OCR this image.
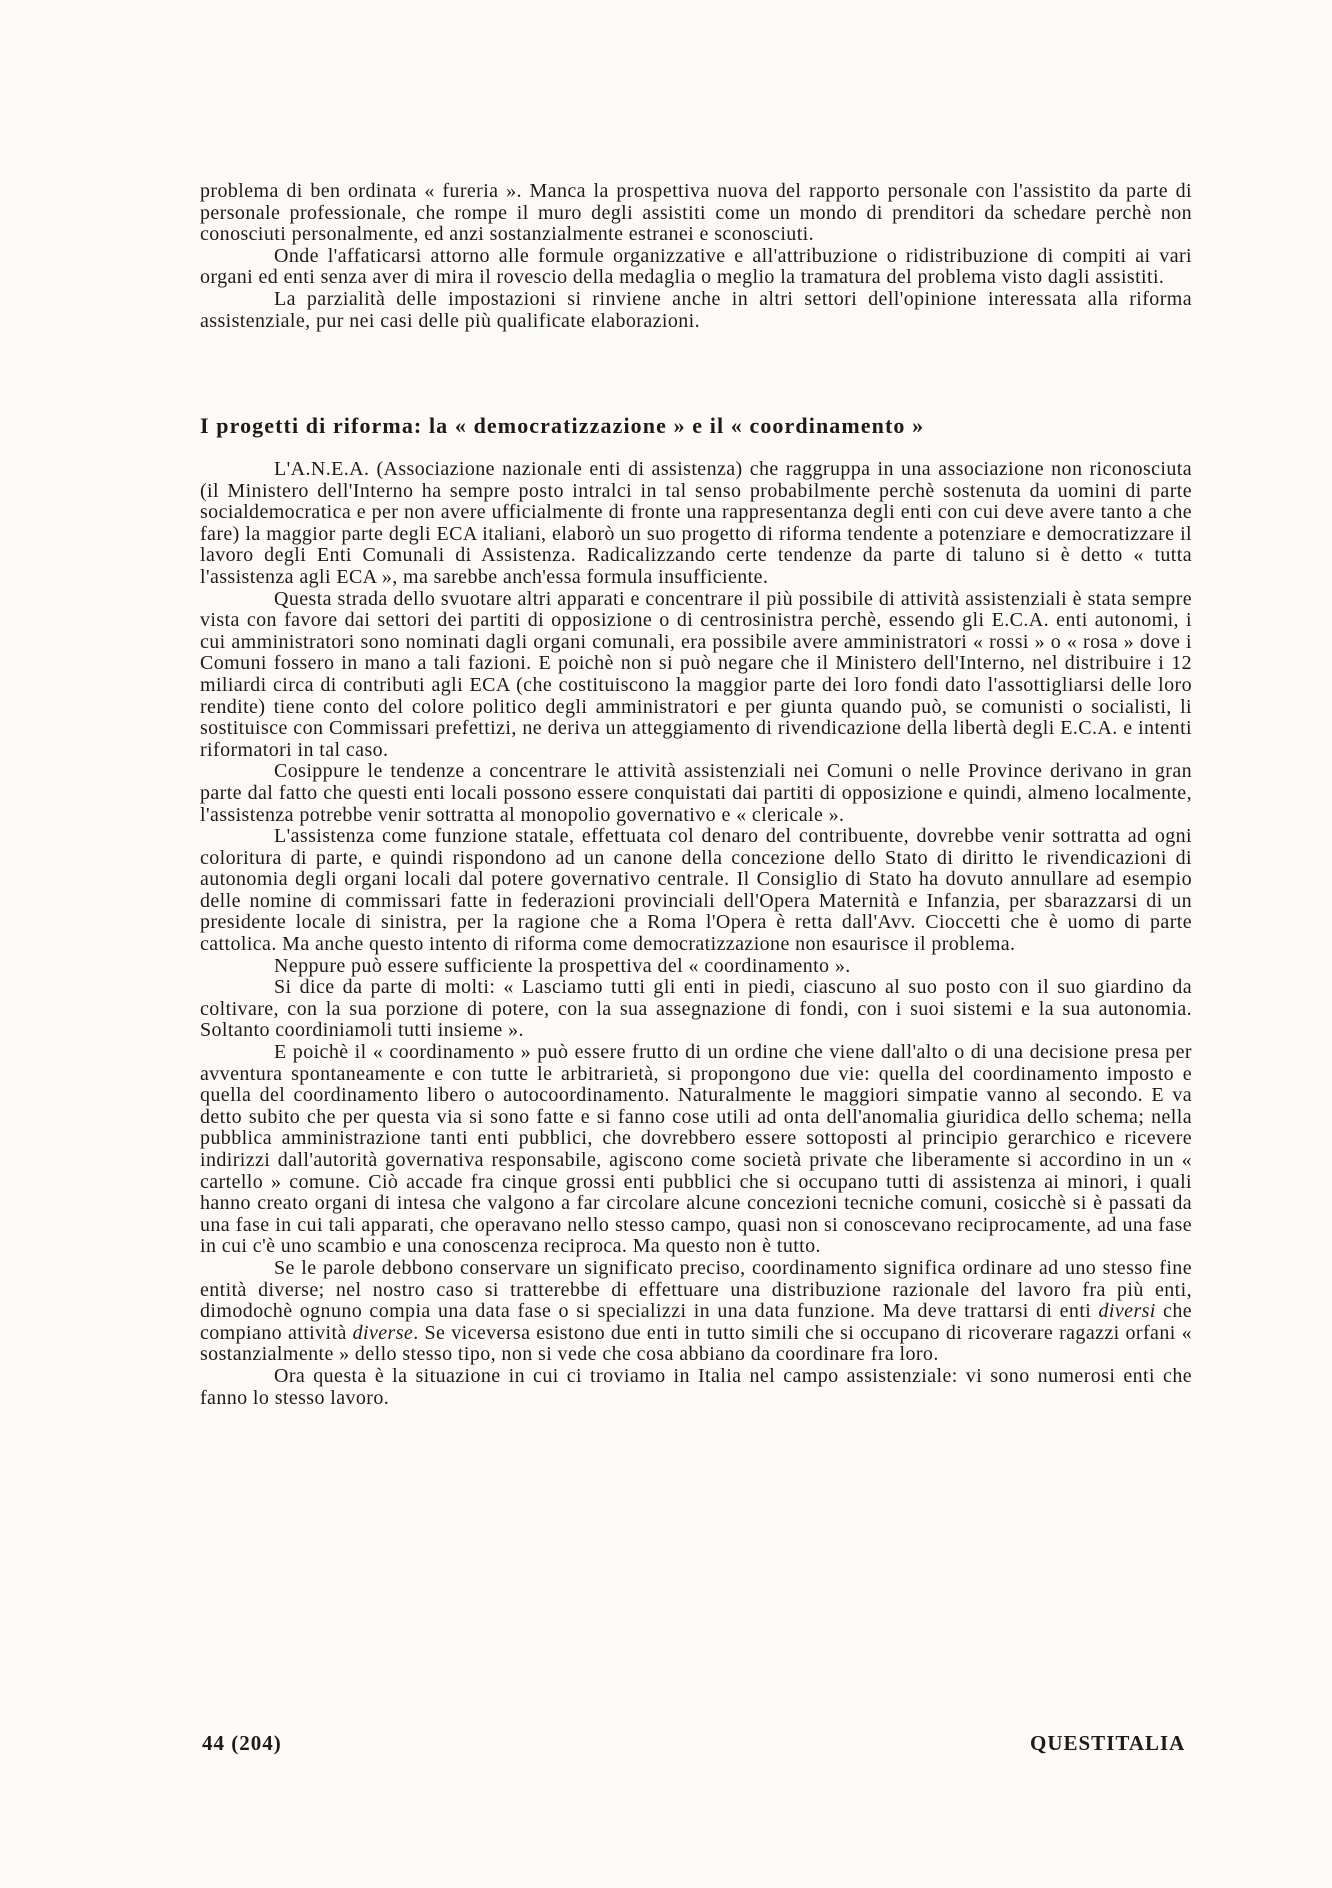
problema di ben ordinata « fureria ». Manca la prospettiva nuova del rapporto personale con l'assistito da parte di personale professionale, che rompe il muro degli assistiti come un mondo di prenditori da schedare perchè non conosciuti personalmente, ed anzi sostanzialmente estranei e sconosciuti.

Onde l'affaticarsi attorno alle formule organizzative e all'attribuzione o ridistribuzione di compiti ai vari organi ed enti senza aver di mira il rovescio della medaglia o meglio la tramatura del problema visto dagli assistiti.

La parzialità delle impostazioni si rinviene anche in altri settori dell'opinione interessata alla riforma assistenziale, pur nei casi delle più qualificate elaborazioni.

I progetti di riforma: la « democratizzazione » e il « coordinamento »

L'A.N.E.A. (Associazione nazionale enti di assistenza) che raggruppa in una associazione non riconosciuta (il Ministero dell'Interno ha sempre posto intralci in tal senso probabilmente perchè sostenuta da uomini di parte socialdemocratica e per non avere ufficialmente di fronte una rappresentanza degli enti con cui deve avere tanto a che fare) la maggior parte degli ECA italiani, elaborò un suo progetto di riforma tendente a potenziare e democratizzare il lavoro degli Enti Comunali di Assistenza. Radicalizzando certe tendenze da parte di taluno si è detto « tutta l'assistenza agli ECA », ma sarebbe anch'essa formula insufficiente.

Questa strada dello svuotare altri apparati e concentrare il più possibile di attività assistenziali è stata sempre vista con favore dai settori dei partiti di opposizione o di centrosinistra perchè, essendo gli E.C.A. enti autonomi, i cui amministratori sono nominati dagli organi comunali, era possibile avere amministratori « rossi » o « rosa » dove i Comuni fossero in mano a tali fazioni. E poichè non si può negare che il Ministero dell'Interno, nel distribuire i 12 miliardi circa di contributi agli ECA (che costituiscono la maggior parte dei loro fondi dato l'assottigliarsi delle loro rendite) tiene conto del colore politico degli amministratori e per giunta quando può, se comunisti o socialisti, li sostituisce con Commissari prefettizi, ne deriva un atteggiamento di rivendicazione della libertà degli E.C.A. e intenti riformatori in tal caso.

Cosippure le tendenze a concentrare le attività assistenziali nei Comuni o nelle Province derivano in gran parte dal fatto che questi enti locali possono essere conquistati dai partiti di opposizione e quindi, almeno localmente, l'assistenza potrebbe venir sottratta al monopolio governativo e « clericale ».

L'assistenza come funzione statale, effettuata col denaro del contribuente, dovrebbe venir sottratta ad ogni coloritura di parte, e quindi rispondono ad un canone della concezione dello Stato di diritto le rivendicazioni di autonomia degli organi locali dal potere governativo centrale. Il Consiglio di Stato ha dovuto annullare ad esempio delle nomine di commissari fatte in federazioni provinciali dell'Opera Maternità e Infanzia, per sbarazzarsi di un presidente locale di sinistra, per la ragione che a Roma l'Opera è retta dall'Avv. Cioccetti che è uomo di parte cattolica. Ma anche questo intento di riforma come democratizzazione non esaurisce il problema.

Neppure può essere sufficiente la prospettiva del « coordinamento ».

Si dice da parte di molti: « Lasciamo tutti gli enti in piedi, ciascuno al suo posto con il suo giardino da coltivare, con la sua porzione di potere, con la sua assegnazione di fondi, con i suoi sistemi e la sua autonomia. Soltanto coordiniamoli tutti insieme ».

E poichè il « coordinamento » può essere frutto di un ordine che viene dall'alto o di una decisione presa per avventura spontaneamente e con tutte le arbitrarietà, si propongono due vie: quella del coordinamento imposto e quella del coordinamento libero o autocoordinamento. Naturalmente le maggiori simpatie vanno al secondo. E va detto subito che per questa via si sono fatte e si fanno cose utili ad onta dell'anomalia giuridica dello schema; nella pubblica amministrazione tanti enti pubblici, che dovrebbero essere sottoposti al principio gerarchico e ricevere indirizzi dall'autorità governativa responsabile, agiscono come società private che liberamente si accordino in un « cartello » comune. Ciò accade fra cinque grossi enti pubblici che si occupano tutti di assistenza ai minori, i quali hanno creato organi di intesa che valgono a far circolare alcune concezioni tecniche comuni, cosicchè si è passati da una fase in cui tali apparati, che operavano nello stesso campo, quasi non si conoscevano reciprocamente, ad una fase in cui c'è uno scambio e una conoscenza reciproca. Ma questo non è tutto.

Se le parole debbono conservare un significato preciso, coordinamento significa ordinare ad uno stesso fine entità diverse; nel nostro caso si tratterebbe di effettuare una distribuzione razionale del lavoro fra più enti, dimodochè ognuno compia una data fase o si specializzi in una data funzione. Ma deve trattarsi di enti diversi che compiano attività diverse. Se viceversa esistono due enti in tutto simili che si occupano di ricoverare ragazzi orfani « sostanzialmente » dello stesso tipo, non si vede che cosa abbiano da coordinare fra loro.

Ora questa è la situazione in cui ci troviamo in Italia nel campo assistenziale: vi sono numerosi enti che fanno lo stesso lavoro.

44 (204)	QUESTITALIA
